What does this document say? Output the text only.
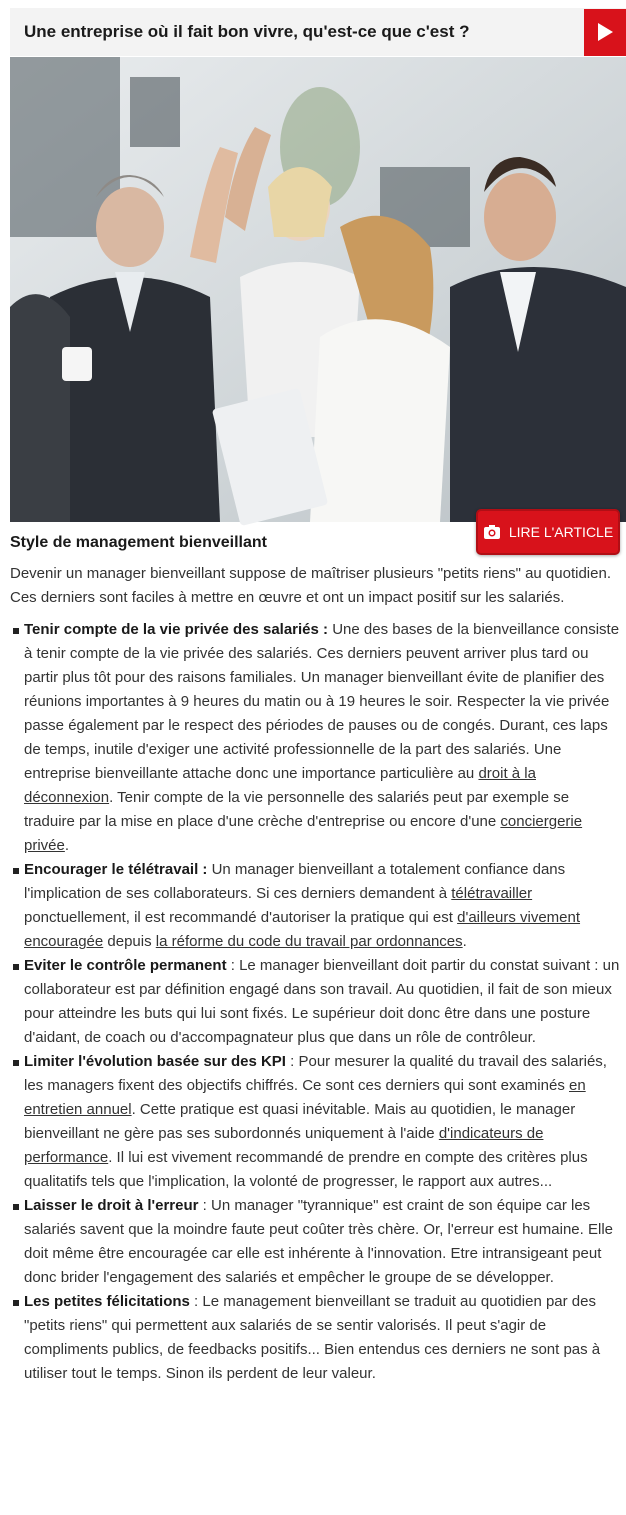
Une entreprise où il fait bon vivre, qu'est-ce que c'est ?
LIRE L'ARTICLE
Style de management bienveillant

Devenir un manager bienveillant suppose de maîtriser plusieurs "petits riens" au quotidien. Ces derniers sont faciles à mettre en œuvre et ont un impact positif sur les salariés.

Tenir compte de la vie privée des salariés : Une des bases de la bienveillance consiste à tenir compte de la vie privée des salariés. Ces derniers peuvent arriver plus tard ou partir plus tôt pour des raisons familiales. Un manager bienveillant évite de planifier des réunions importantes à 9 heures du matin ou à 19 heures le soir. Respecter la vie privée passe également par le respect des périodes de pauses ou de congés. Durant, ces laps de temps, inutile d'exiger une activité professionnelle de la part des salariés. Une entreprise bienveillante attache donc une importance particulière au droit à la déconnexion. Tenir compte de la vie personnelle des salariés peut par exemple se traduire par la mise en place d'une crèche d'entreprise ou encore d'une conciergerie privée.
Encourager le télétravail : Un manager bienveillant a totalement confiance dans l'implication de ses collaborateurs. Si ces derniers demandent à télétravailler ponctuellement, il est recommandé d'autoriser la pratique qui est d'ailleurs vivement encouragée depuis la réforme du code du travail par ordonnances.
Eviter le contrôle permanent : Le manager bienveillant doit partir du constat suivant : un collaborateur est par définition engagé dans son travail. Au quotidien, il fait de son mieux pour atteindre les buts qui lui sont fixés. Le supérieur doit donc être dans une posture d'aidant, de coach ou d'accompagnateur plus que dans un rôle de contrôleur.
Limiter l'évolution basée sur des KPI : Pour mesurer la qualité du travail des salariés, les managers fixent des objectifs chiffrés. Ce sont ces derniers qui sont examinés en entretien annuel. Cette pratique est quasi inévitable. Mais au quotidien, le manager bienveillant ne gère pas ses subordonnés uniquement à l'aide d'indicateurs de performance. Il lui est vivement recommandé de prendre en compte des critères plus qualitatifs tels que l'implication, la volonté de progresser, le rapport aux autres...
Laisser le droit à l'erreur : Un manager "tyrannique" est craint de son équipe car les salariés savent que la moindre faute peut coûter très chère. Or, l'erreur est humaine. Elle doit même être encouragée car elle est inhérente à l'innovation. Etre intransigeant peut donc brider l'engagement des salariés et empêcher le groupe de se développer.
Les petites félicitations : Le management bienveillant se traduit au quotidien par des "petits riens" qui permettent aux salariés de se sentir valorisés. Il peut s'agir de compliments publics, de feedbacks positifs... Bien entendus ces derniers ne sont pas à utiliser tout le temps. Sinon ils perdent de leur valeur.
